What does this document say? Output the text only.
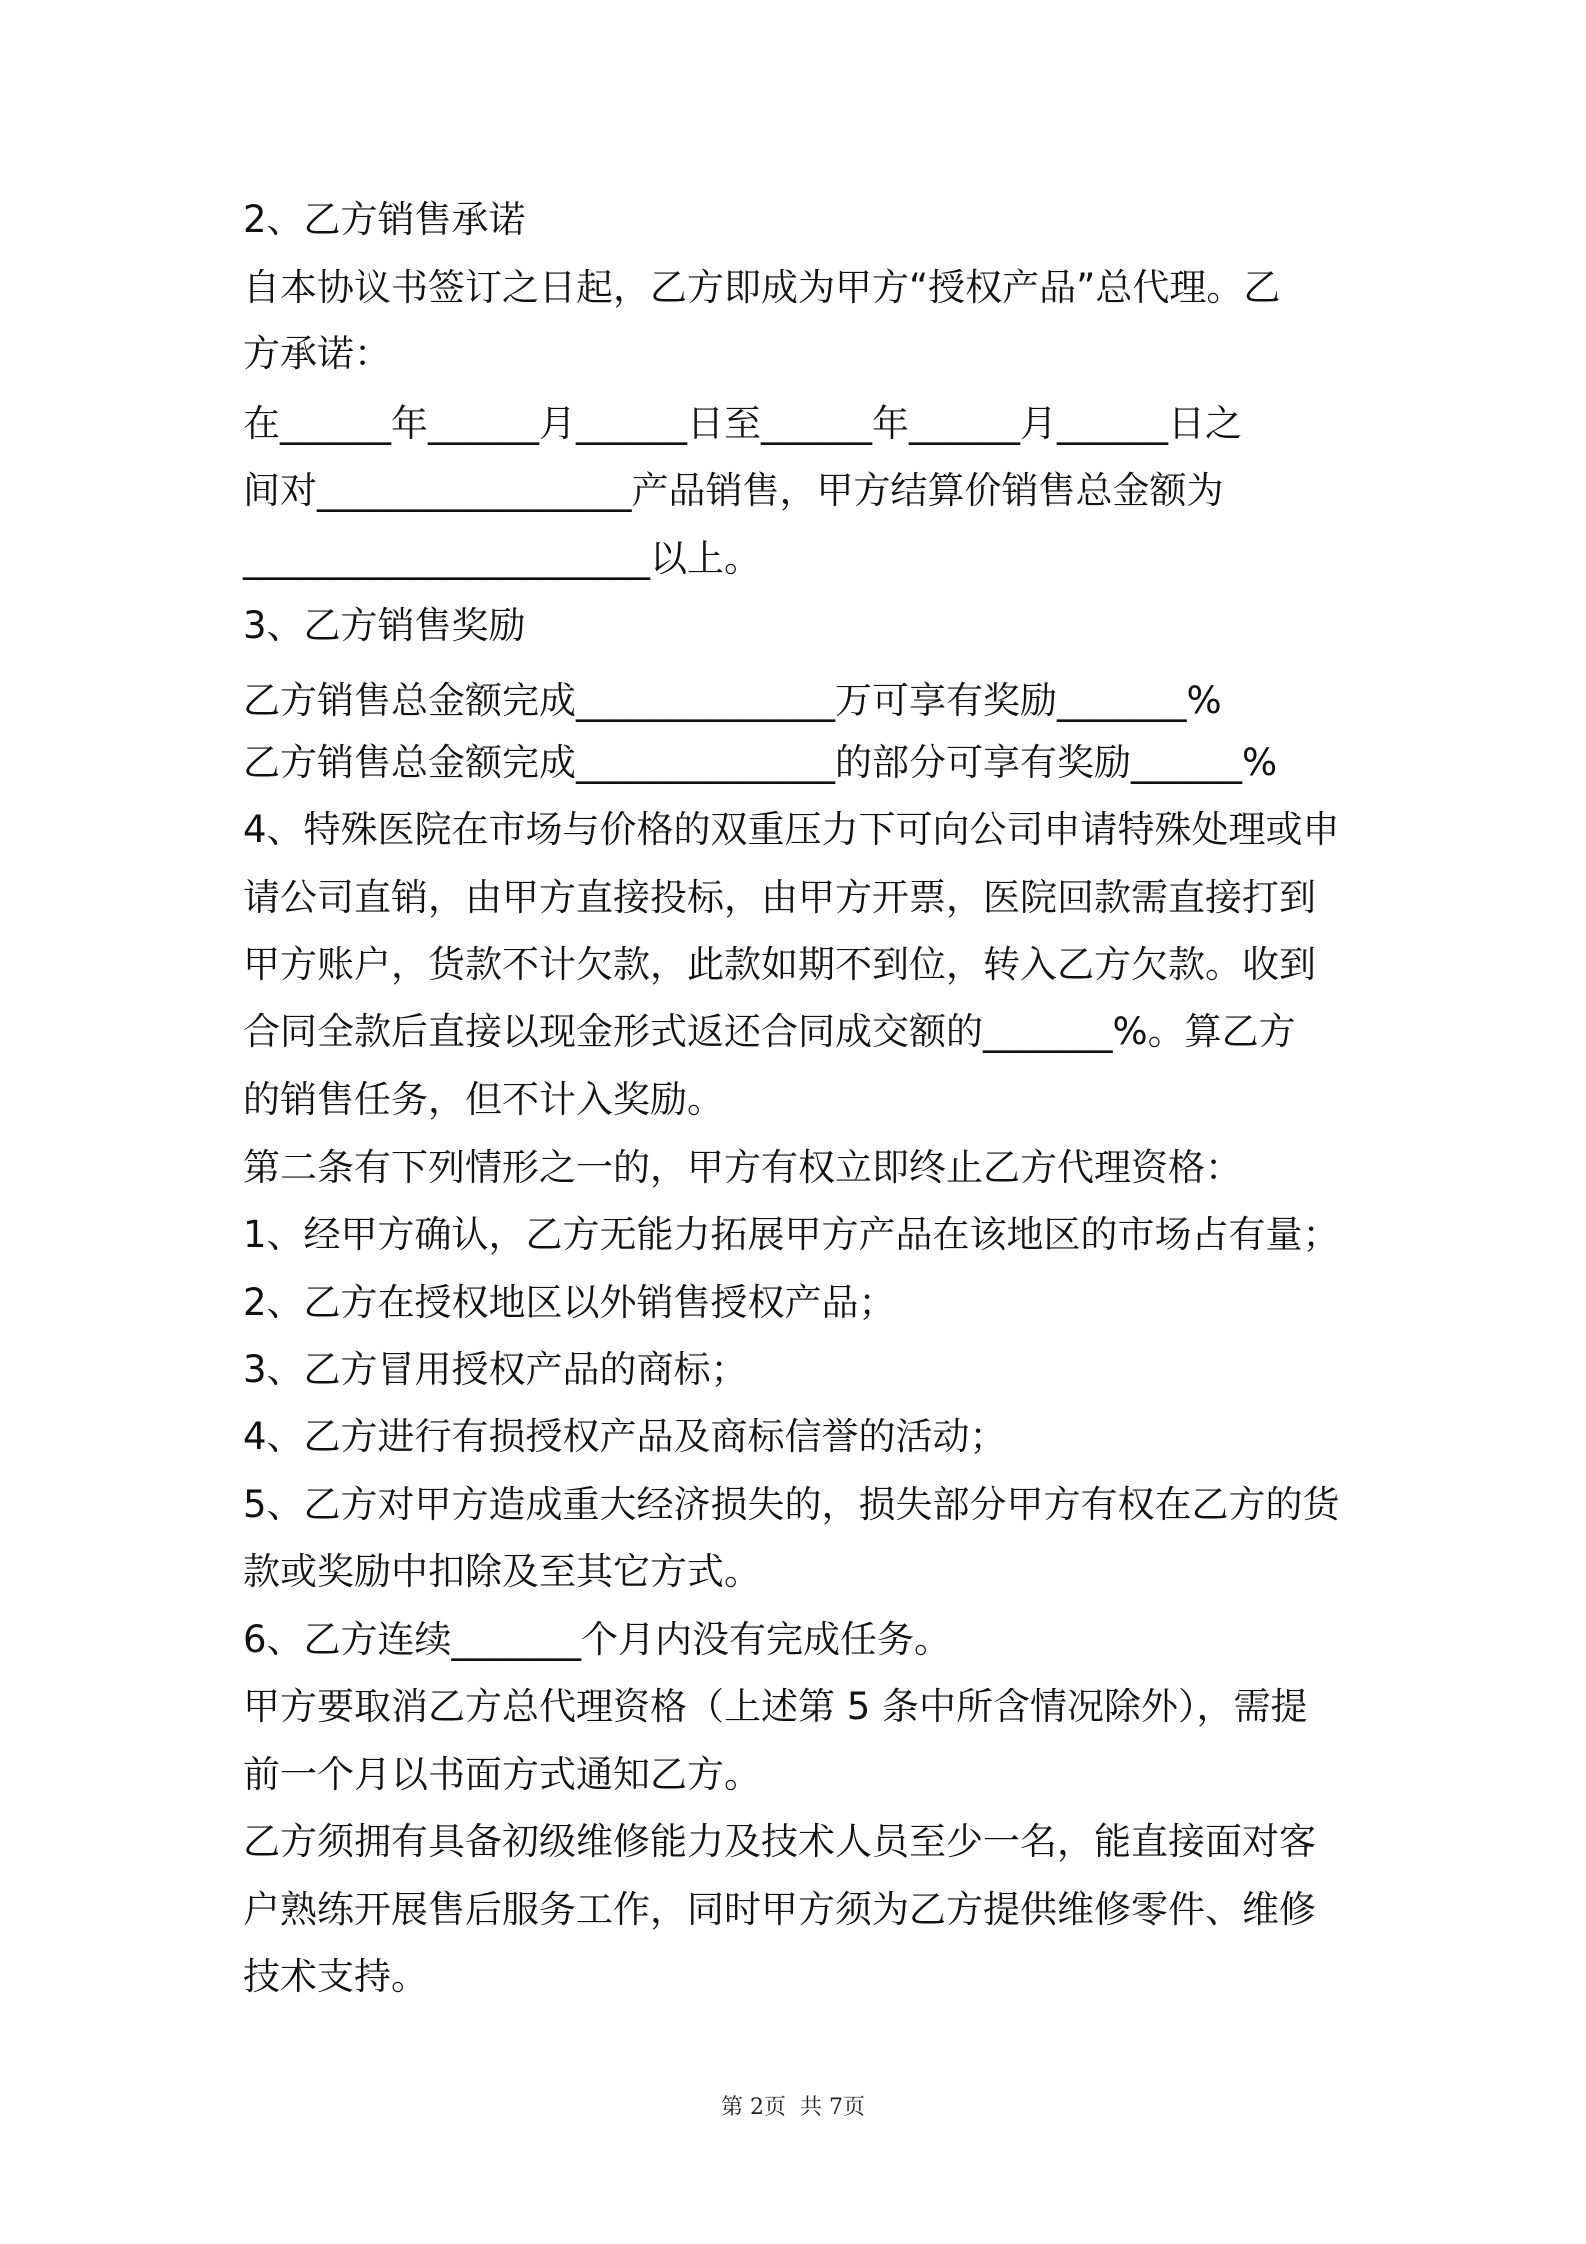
2、乙方销售承诺
自本协议书签订之日起，乙方即成为甲方“授权产品”总代理。乙
方承诺：
在______年______月______日至______年______月______日之
间对_________________产品销售，甲方结算价销售总金额为
______________________以上。
3、乙方销售奖励
乙方销售总金额完成______________万可享有奖励_______%
乙方销售总金额完成______________的部分可享有奖励______%
4、特殊医院在市场与价格的双重压力下可向公司申请特殊处理或申
请公司直销，由甲方直接投标，由甲方开票，医院回款需直接打到
甲方账户，货款不计欠款，此款如期不到位，转入乙方欠款。收到
合同全款后直接以现金形式返还合同成交额的_______%。算乙方
的销售任务，但不计入奖励。
第二条有下列情形之一的，甲方有权立即终止乙方代理资格：
1、经甲方确认，乙方无能力拓展甲方产品在该地区的市场占有量；
2、乙方在授权地区以外销售授权产品；
3、乙方冒用授权产品的商标；
4、乙方进行有损授权产品及商标信誉的活动；
5、乙方对甲方造成重大经济损失的，损失部分甲方有权在乙方的货
款或奖励中扣除及至其它方式。
6、乙方连续_______个月内没有完成任务。
甲方要取消乙方总代理资格（上述第 5 条中所含情况除外），需提
前一个月以书面方式通知乙方。
乙方须拥有具备初级维修能力及技术人员至少一名，能直接面对客
户熟练开展售后服务工作，同时甲方须为乙方提供维修零件、维修
技术支持。
第 2页  共 7页
